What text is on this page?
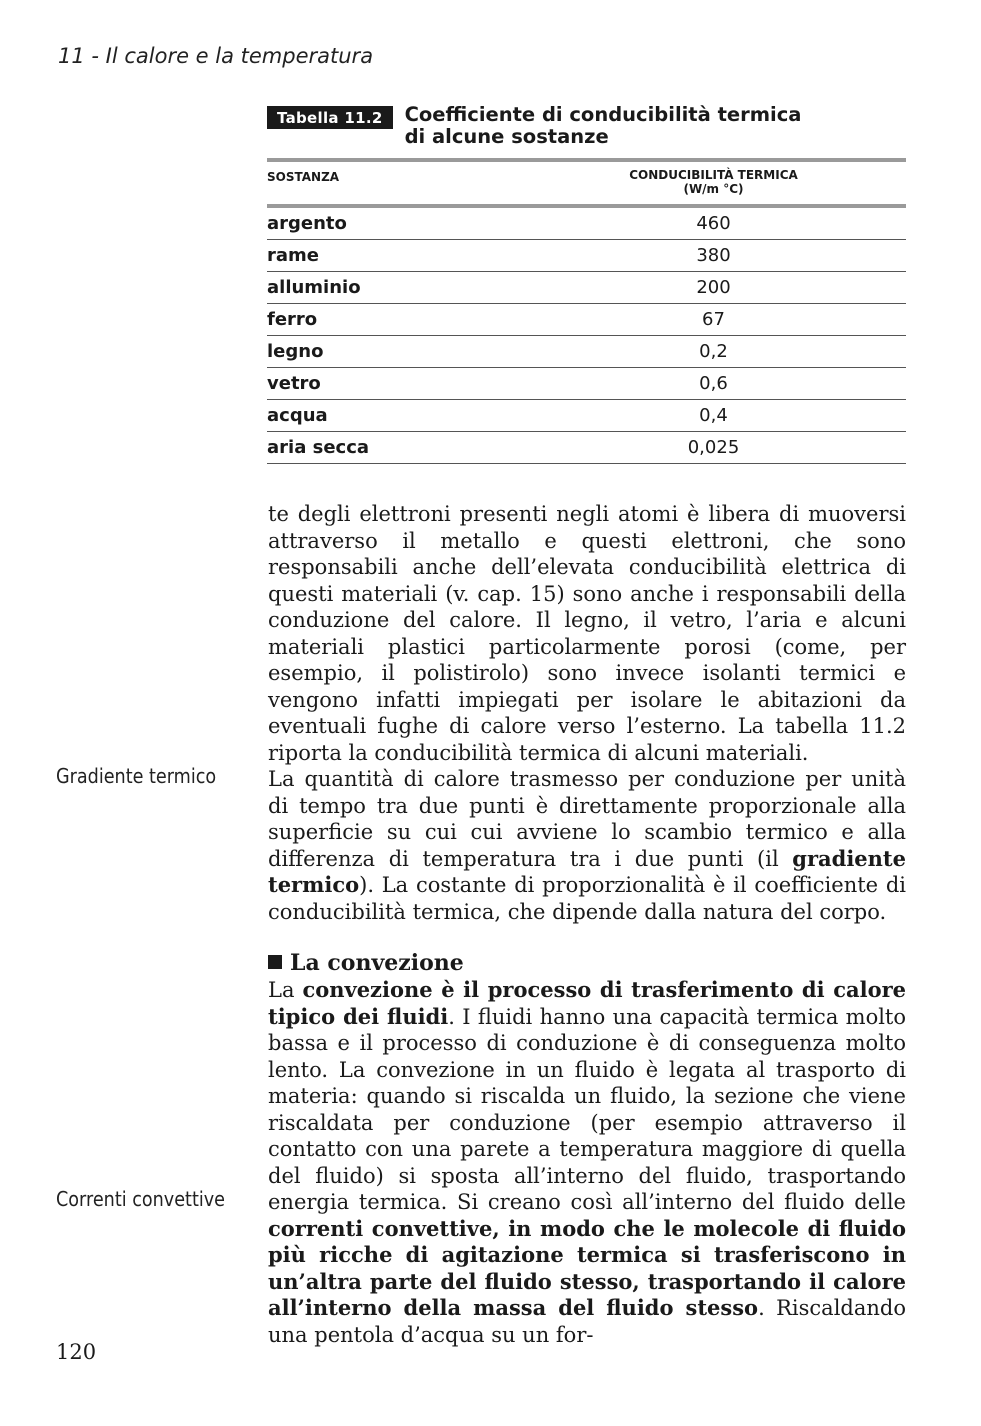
11 - Il calore e la temperatura
Tabella 11.2	Coefficiente di conducibilità termica
di alcune sostanze
SOSTANZA	CONDUCIBILITÀ TERMICA
(W/m °C)
argento	460
rame	380
alluminio	200
ferro	67
legno	0,2
vetro	0,6
acqua	0,4
aria secca	0,025
te degli elettroni presenti negli atomi è libera di muoversi attraverso il metallo e questi elettroni, che sono responsabili anche dell’elevata conducibilità elettrica di questi materiali (v. cap. 15) sono anche i responsabili della conduzione del calore. Il legno, il vetro, l’aria e alcuni materiali plastici particolarmente porosi (come, per esempio, il polistirolo) sono invece isolanti termici e vengono infatti impiegati per isolare le abitazioni da eventuali fughe di calore verso l’esterno. La tabella 11.2 riporta la conducibilità termica di alcuni materiali.
Gradiente termico La quantità di calore trasmesso per conduzione per unità di tempo tra due punti è direttamente proporzionale alla superficie su cui cui avviene lo scambio termico e alla differenza di temperatura tra i due punti (il gradiente termico). La costante di proporzionalità è il coefficiente di conducibilità termica, che dipende dalla natura del corpo.
La convezione
La convezione è il processo di trasferimento di calore tipico dei fluidi. I fluidi hanno una capacità termica molto bassa e il processo di conduzione è di conseguenza molto lento. La convezione in un fluido è legata al trasporto di materia: quando si riscalda un fluido, la sezione che viene riscaldata per conduzione (per esempio attraverso il contatto con una parete a temperatura maggiore di quella del fluido) si sposta all’interno del fluido, trasportando energia termica. Si creano così all’interno del fluido delle correnti convettive, in modo che le molecole di fluido più ricche di agitazione termica si trasferiscono in un’altra parte del fluido stesso, trasportando il calore all’interno della massa del fluido stesso. Riscaldando una pentola d’acqua su un for-
Correnti convettive
120
